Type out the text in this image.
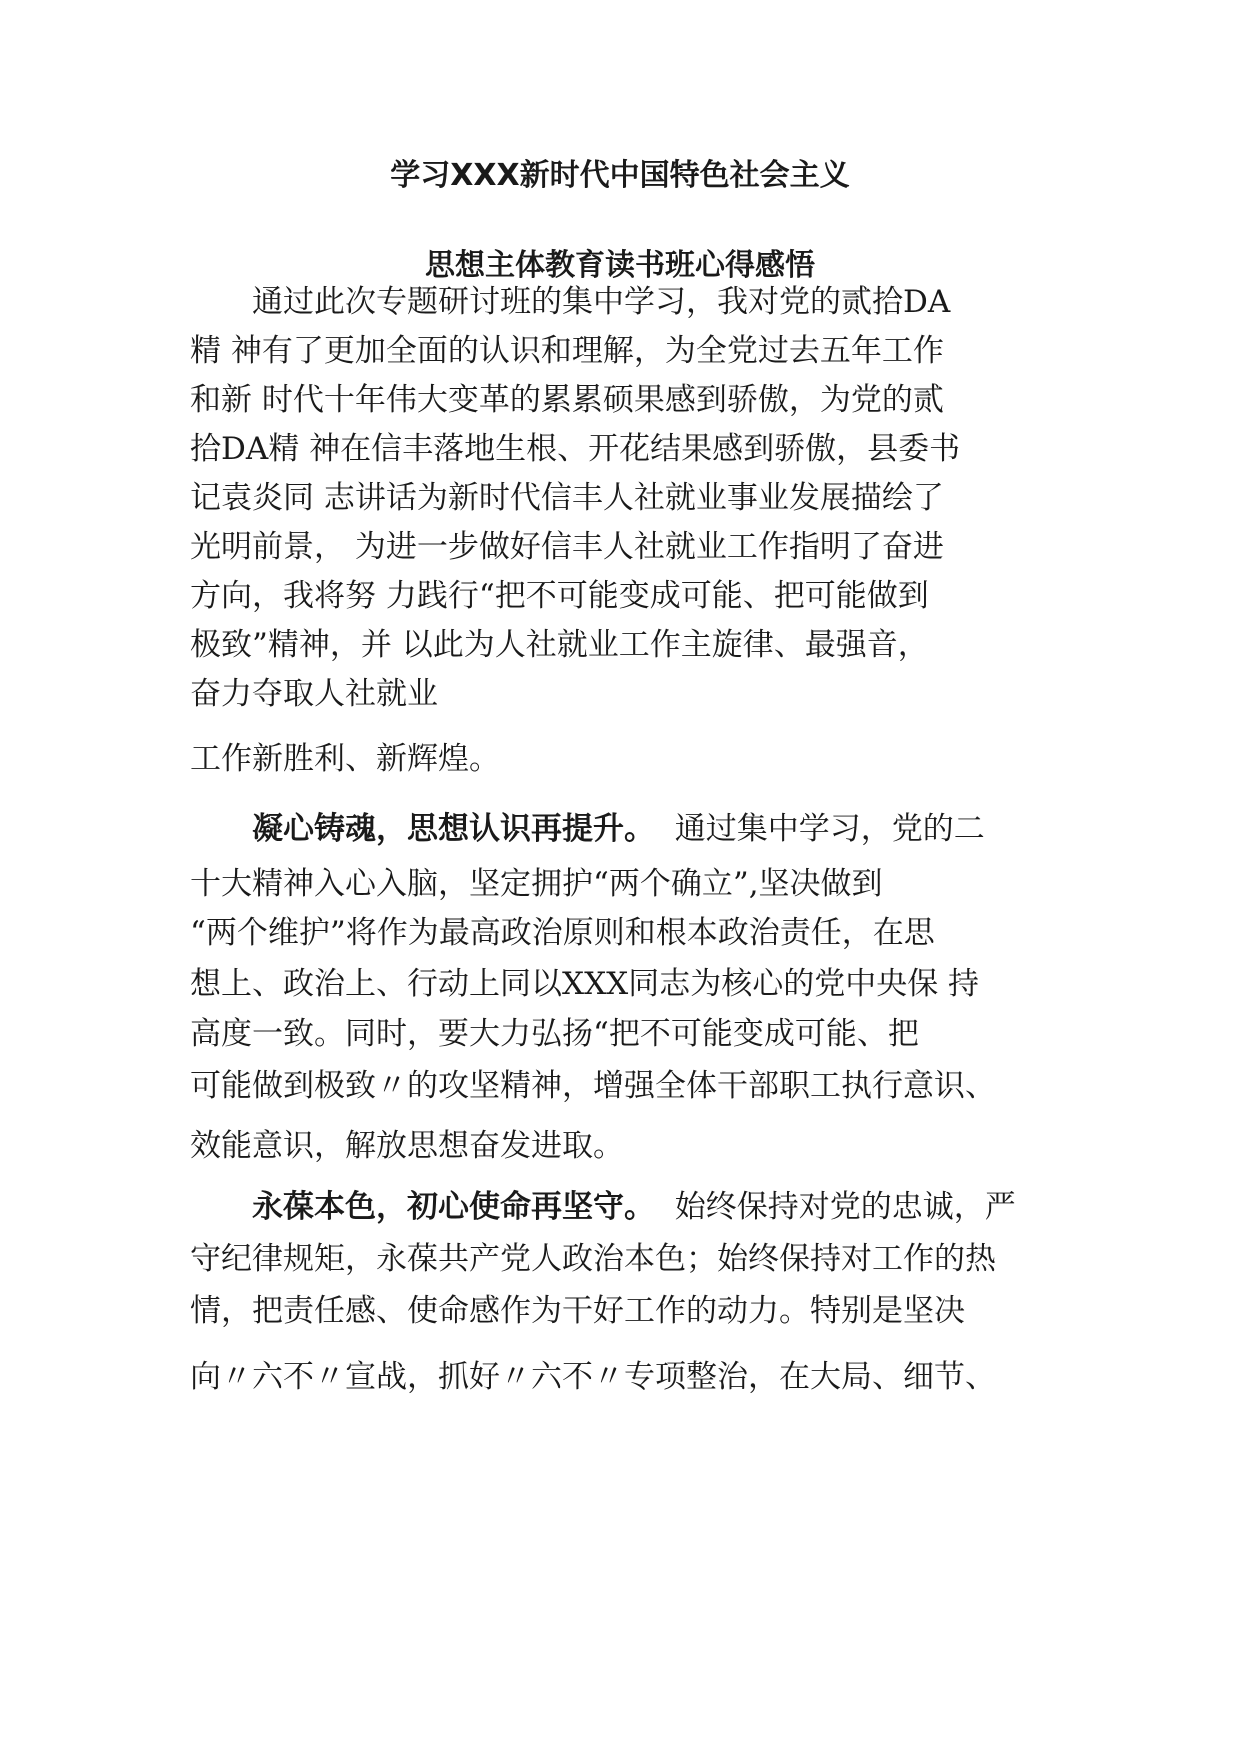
学习XXX新时代中国特色社会主义
思想主体教育读书班心得感悟

通过此次专题研讨班的集中学习，我对党的贰拾DA

精 神有了更加全面的认识和理解，为全党过去五年工作

和新 时代十年伟大变革的累累硕果感到骄傲，为党的贰

拾DA精 神在信丰落地生根、开花结果感到骄傲，县委书

记袁炎同 志讲话为新时代信丰人社就业事业发展描绘了

光明前景， 为进一步做好信丰人社就业工作指明了奋进

方向，我将努 力践行“把不可能变成可能、把可能做到

极致”精神，并 以此为人社就业工作主旋律、最强音，

奋力夺取人社就业

工作新胜利、新辉煌。

凝心铸魂，思想认识再提升。 通过集中学习，党的二

十大精神入心入脑，坚定拥护“两个确立”,坚决做到

“两个维护”将作为最高政治原则和根本政治责任，在思

想上、政治上、行动上同以XXX同志为核心的党中央保 持

高度一致。同时，要大力弘扬“把不可能变成可能、把

可能做到极致〃的攻坚精神，增强全体干部职工执行意识、

效能意识，解放思想奋发进取。

永葆本色，初心使命再坚守。 始终保持对党的忠诚，严

守纪律规矩，永葆共产党人政治本色；始终保持对工作的热

情，把责任感、使命感作为干好工作的动力。特别是坚决

向〃六不〃宣战，抓好〃六不〃专项整治，在大局、细节、
